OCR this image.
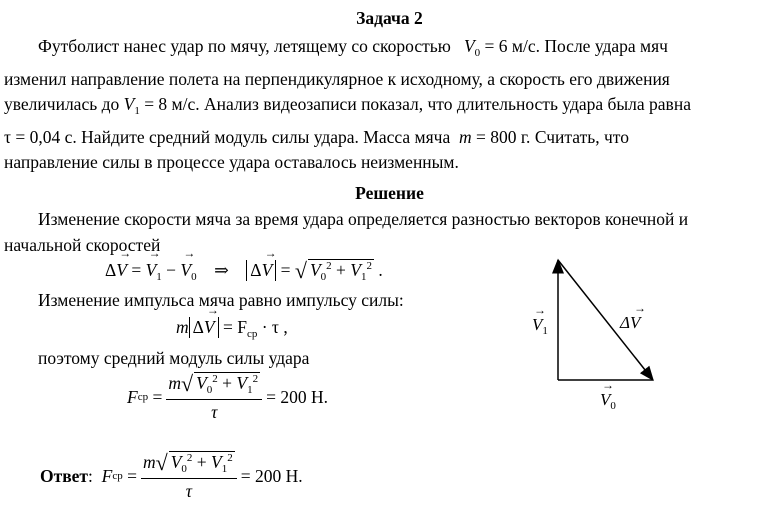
Задача 2
Футболист нанес удар по мячу, летящему со скоростью $V_0 = 6$ м/с. После удара мяч
изменил направление полета на перпендикулярное к исходному, а скорость его движения
увеличилась до $V_1 = 8$ м/с. Анализ видеозаписи показал, что длительность удара была равна
τ = 0,04 с. Найдите средний модуль силы удара. Масса мяча m = 800 г. Считать, что
направление силы в процессе удара оставалось неизменным.
Решение
Изменение скорости мяча за время удара определяется разностью векторов конечной и
начальной скоростей
Δ→ V = → $V_1$ − → $V_0$ ⇒ Δ→ V = √ $V_0^2 + V_1^2$ .
Изменение импульса мяча равно импульсу силы:
m $\Delta\to V = F_{ср} \cdot \tau$ ,
поэтому средний модуль силы удара
F ср = $\frac{m√ V_0^2 + V_1^2}{\tau} = 200$ Н.
Ответ :
F ср = $\frac{m√ V_0^2 + V_1^2}{\tau} = 200$ Н.
$V_1$
→
ΔV
→
$V_0$
→
